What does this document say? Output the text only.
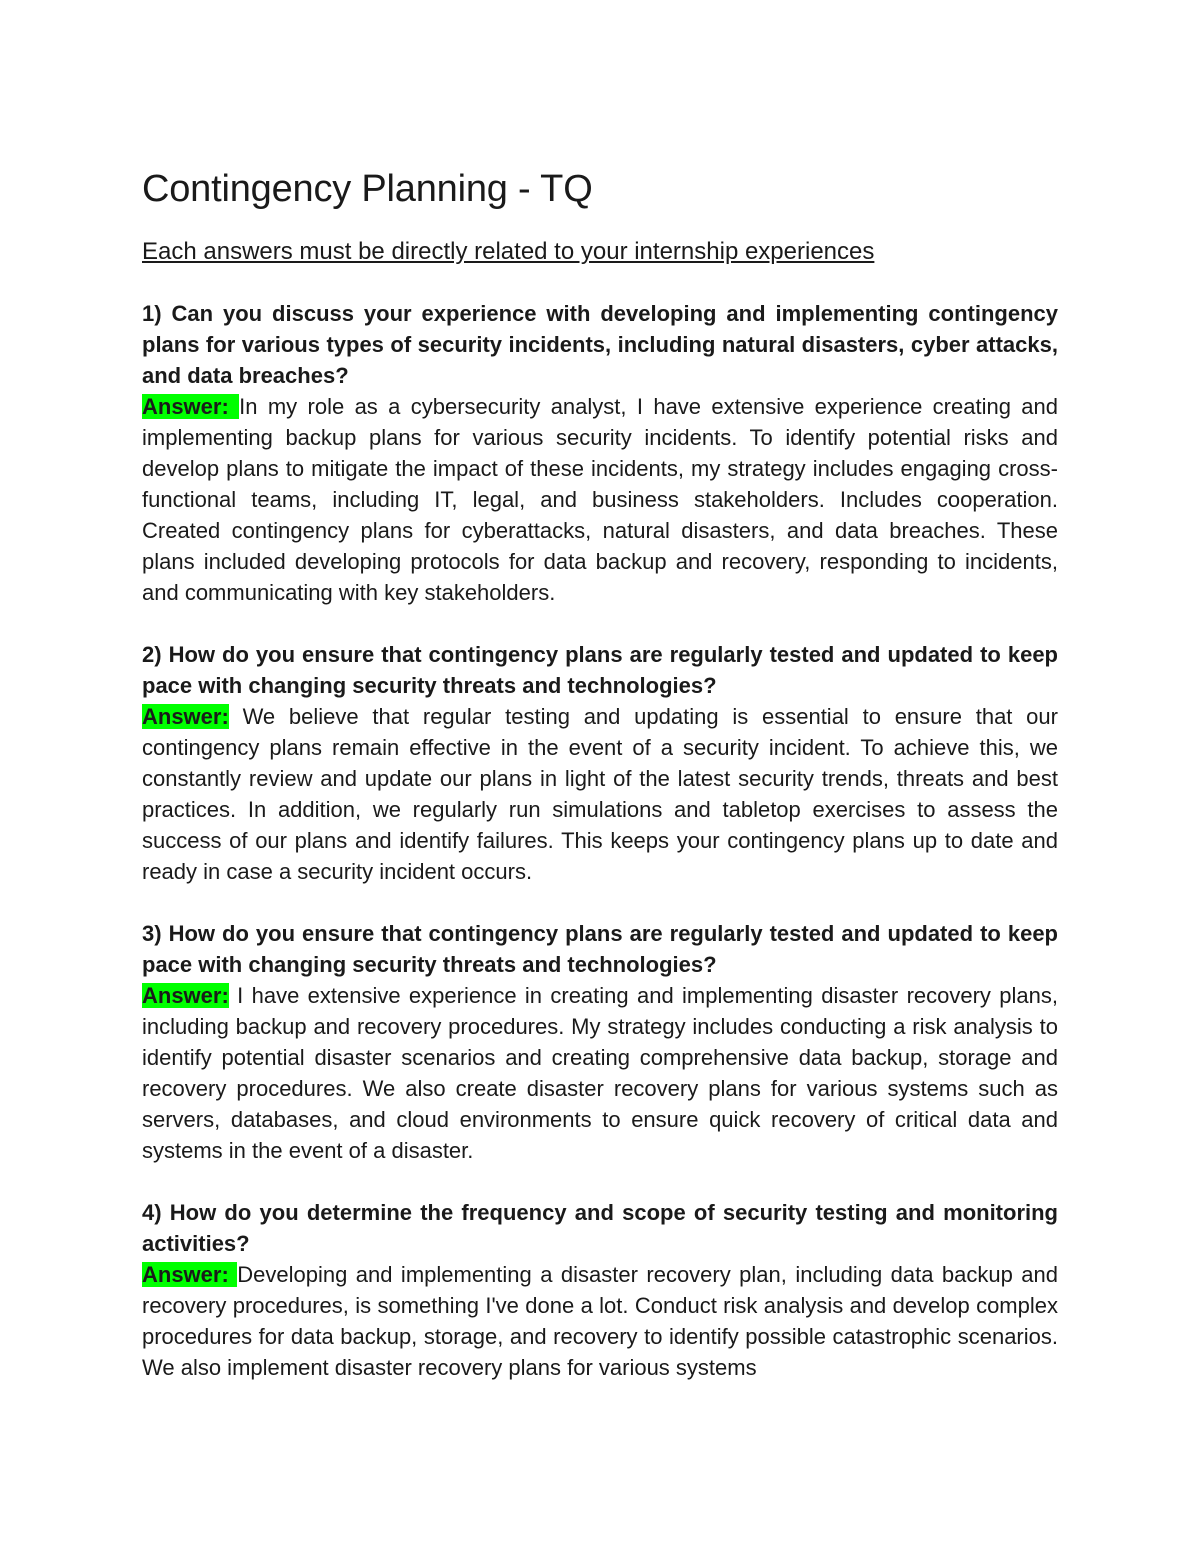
Contingency Planning - TQ
Each answers must be directly related to your internship experiences

1) Can you discuss your experience with developing and implementing contingency plans for various types of security incidents, including natural disasters, cyber attacks, and data breaches?

Answer: In my role as a cybersecurity analyst, I have extensive experience creating and implementing backup plans for various security incidents. To identify potential risks and develop plans to mitigate the impact of these incidents, my strategy includes engaging cross-functional teams, including IT, legal, and business stakeholders. Includes cooperation. Created contingency plans for cyberattacks, natural disasters, and data breaches. These plans included developing protocols for data backup and recovery, responding to incidents, and communicating with key stakeholders.

2) How do you ensure that contingency plans are regularly tested and updated to keep pace with changing security threats and technologies?

Answer: We believe that regular testing and updating is essential to ensure that our contingency plans remain effective in the event of a security incident. To achieve this, we constantly review and update our plans in light of the latest security trends, threats and best practices. In addition, we regularly run simulations and tabletop exercises to assess the success of our plans and identify failures. This keeps your contingency plans up to date and ready in case a security incident occurs.

3) How do you ensure that contingency plans are regularly tested and updated to keep pace with changing security threats and technologies?

Answer: I have extensive experience in creating and implementing disaster recovery plans, including backup and recovery procedures. My strategy includes conducting a risk analysis to identify potential disaster scenarios and creating comprehensive data backup, storage and recovery procedures. We also create disaster recovery plans for various systems such as servers, databases, and cloud environments to ensure quick recovery of critical data and systems in the event of a disaster.

4) How do you determine the frequency and scope of security testing and monitoring activities?

Answer: Developing and implementing a disaster recovery plan, including data backup and recovery procedures, is something I've done a lot. Conduct risk analysis and develop complex procedures for data backup, storage, and recovery to identify possible catastrophic scenarios. We also implement disaster recovery plans for various systems
